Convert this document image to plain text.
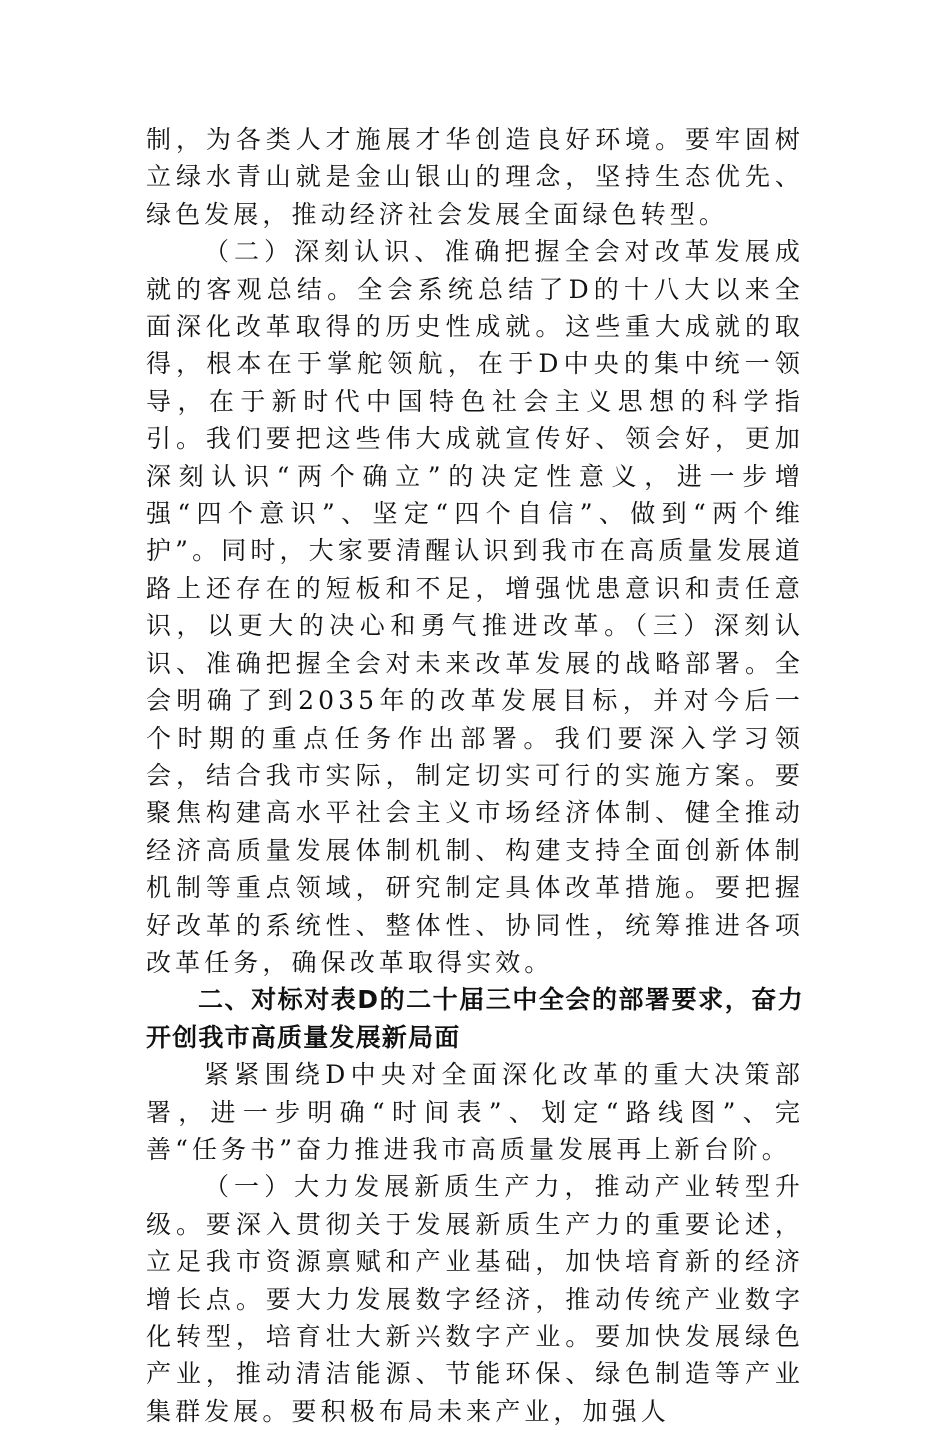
制，为各类人才施展才华创造良好环境。要牢固树立绿水青山就是金山银山的理念，坚持生态优先、绿色发展，推动经济社会发展全面绿色转型。

（二）深刻认识、准确把握全会对改革发展成就的客观总结。全会系统总结了D的十八大以来全面深化改革取得的历史性成就。这些重大成就的取得，根本在于掌舵领航，在于D中央的集中统一领导，在于新时代中国特色社会主义思想的科学指引。我们要把这些伟大成就宣传好、领会好，更加深刻认识“两个确立”的决定性意义，进一步增强“四个意识”、坚定“四个自信”、做到“两个维护”。同时，大家要清醒认识到我市在高质量发展道路上还存在的短板和不足，增强忧患意识和责任意识，以更大的决心和勇气推进改革。（三）深刻认识、准确把握全会对未来改革发展的战略部署。全会明确了到2035年的改革发展目标，并对今后一个时期的重点任务作出部署。我们要深入学习领会，结合我市实际，制定切实可行的实施方案。要聚焦构建高水平社会主义市场经济体制、健全推动经济高质量发展体制机制、构建支持全面创新体制机制等重点领域，研究制定具体改革措施。要把握好改革的系统性、整体性、协同性，统筹推进各项改革任务，确保改革取得实效。

二、对标对表D的二十届三中全会的部署要求，奋力开创我市高质量发展新局面

紧紧围绕D中央对全面深化改革的重大决策部署，进一步明确“时间表”、划定“路线图”、完善“任务书”奋力推进我市高质量发展再上新台阶。

（一）大力发展新质生产力，推动产业转型升级。要深入贯彻关于发展新质生产力的重要论述，立足我市资源禀赋和产业基础，加快培育新的经济增长点。要大力发展数字经济，推动传统产业数字化转型，培育壮大新兴数字产业。要加快发展绿色产业，推动清洁能源、节能环保、绿色制造等产业集群发展。要积极布局未来产业，加强人
